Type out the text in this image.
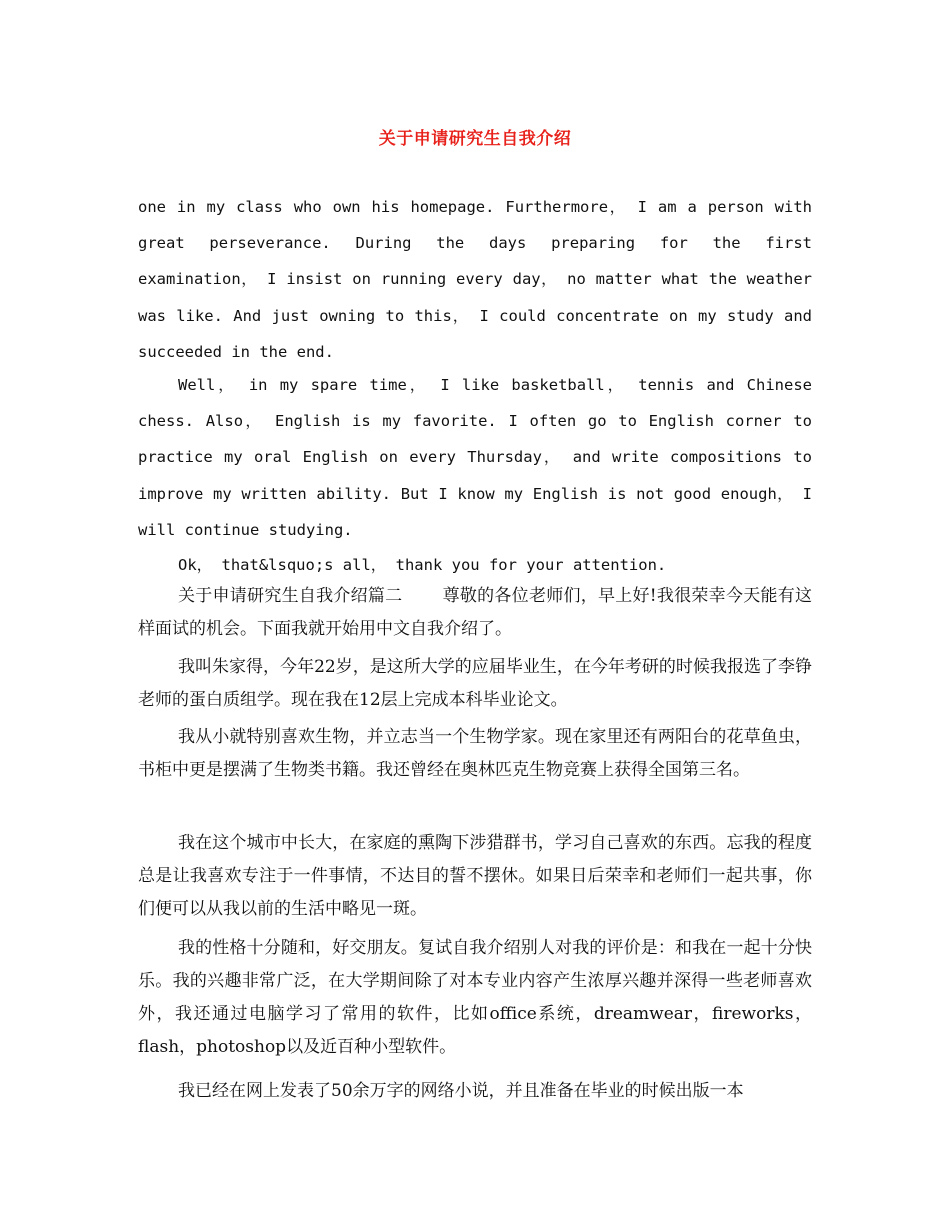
关于申请研究生自我介绍

one in my class who own his homepage. Furthermore， I am a person with great perseverance. During the days preparing for the first examination， I insist on running every day， no matter what the weather was like. And just owning to this， I could concentrate on my study and succeeded in the end.

Well， in my spare time， I like basketball， tennis and Chinese chess. Also， English is my favorite. I often go to English corner to practice my oral English on every Thursday， and write compositions to improve my written ability. But I know my English is not good enough， I will continue studying.

Ok， that&lsquo;s all， thank you for your attention.

关于申请研究生自我介绍篇二 　　尊敬的各位老师们，早上好!我很荣幸今天能有这样面试的机会。下面我就开始用中文自我介绍了。

我叫朱家得，今年22岁，是这所大学的应届毕业生，在今年考研的时候我报选了李铮老师的蛋白质组学。现在我在12层上完成本科毕业论文。

我从小就特别喜欢生物，并立志当一个生物学家。现在家里还有两阳台的花草鱼虫，书柜中更是摆满了生物类书籍。我还曾经在奥林匹克生物竞赛上获得全国第三名。

我在这个城市中长大，在家庭的熏陶下涉猎群书，学习自己喜欢的东西。忘我的程度总是让我喜欢专注于一件事情，不达目的誓不摆休。如果日后荣幸和老师们一起共事，你们便可以从我以前的生活中略见一斑。

我的性格十分随和，好交朋友。复试自我介绍别人对我的评价是：和我在一起十分快乐。我的兴趣非常广泛，在大学期间除了对本专业内容产生浓厚兴趣并深得一些老师喜欢外，我还通过电脑学习了常用的软件，比如office系统，dreamwear，fireworks，flash，photoshop以及近百种小型软件。

我已经在网上发表了50余万字的网络小说，并且准备在毕业的时候出版一本
